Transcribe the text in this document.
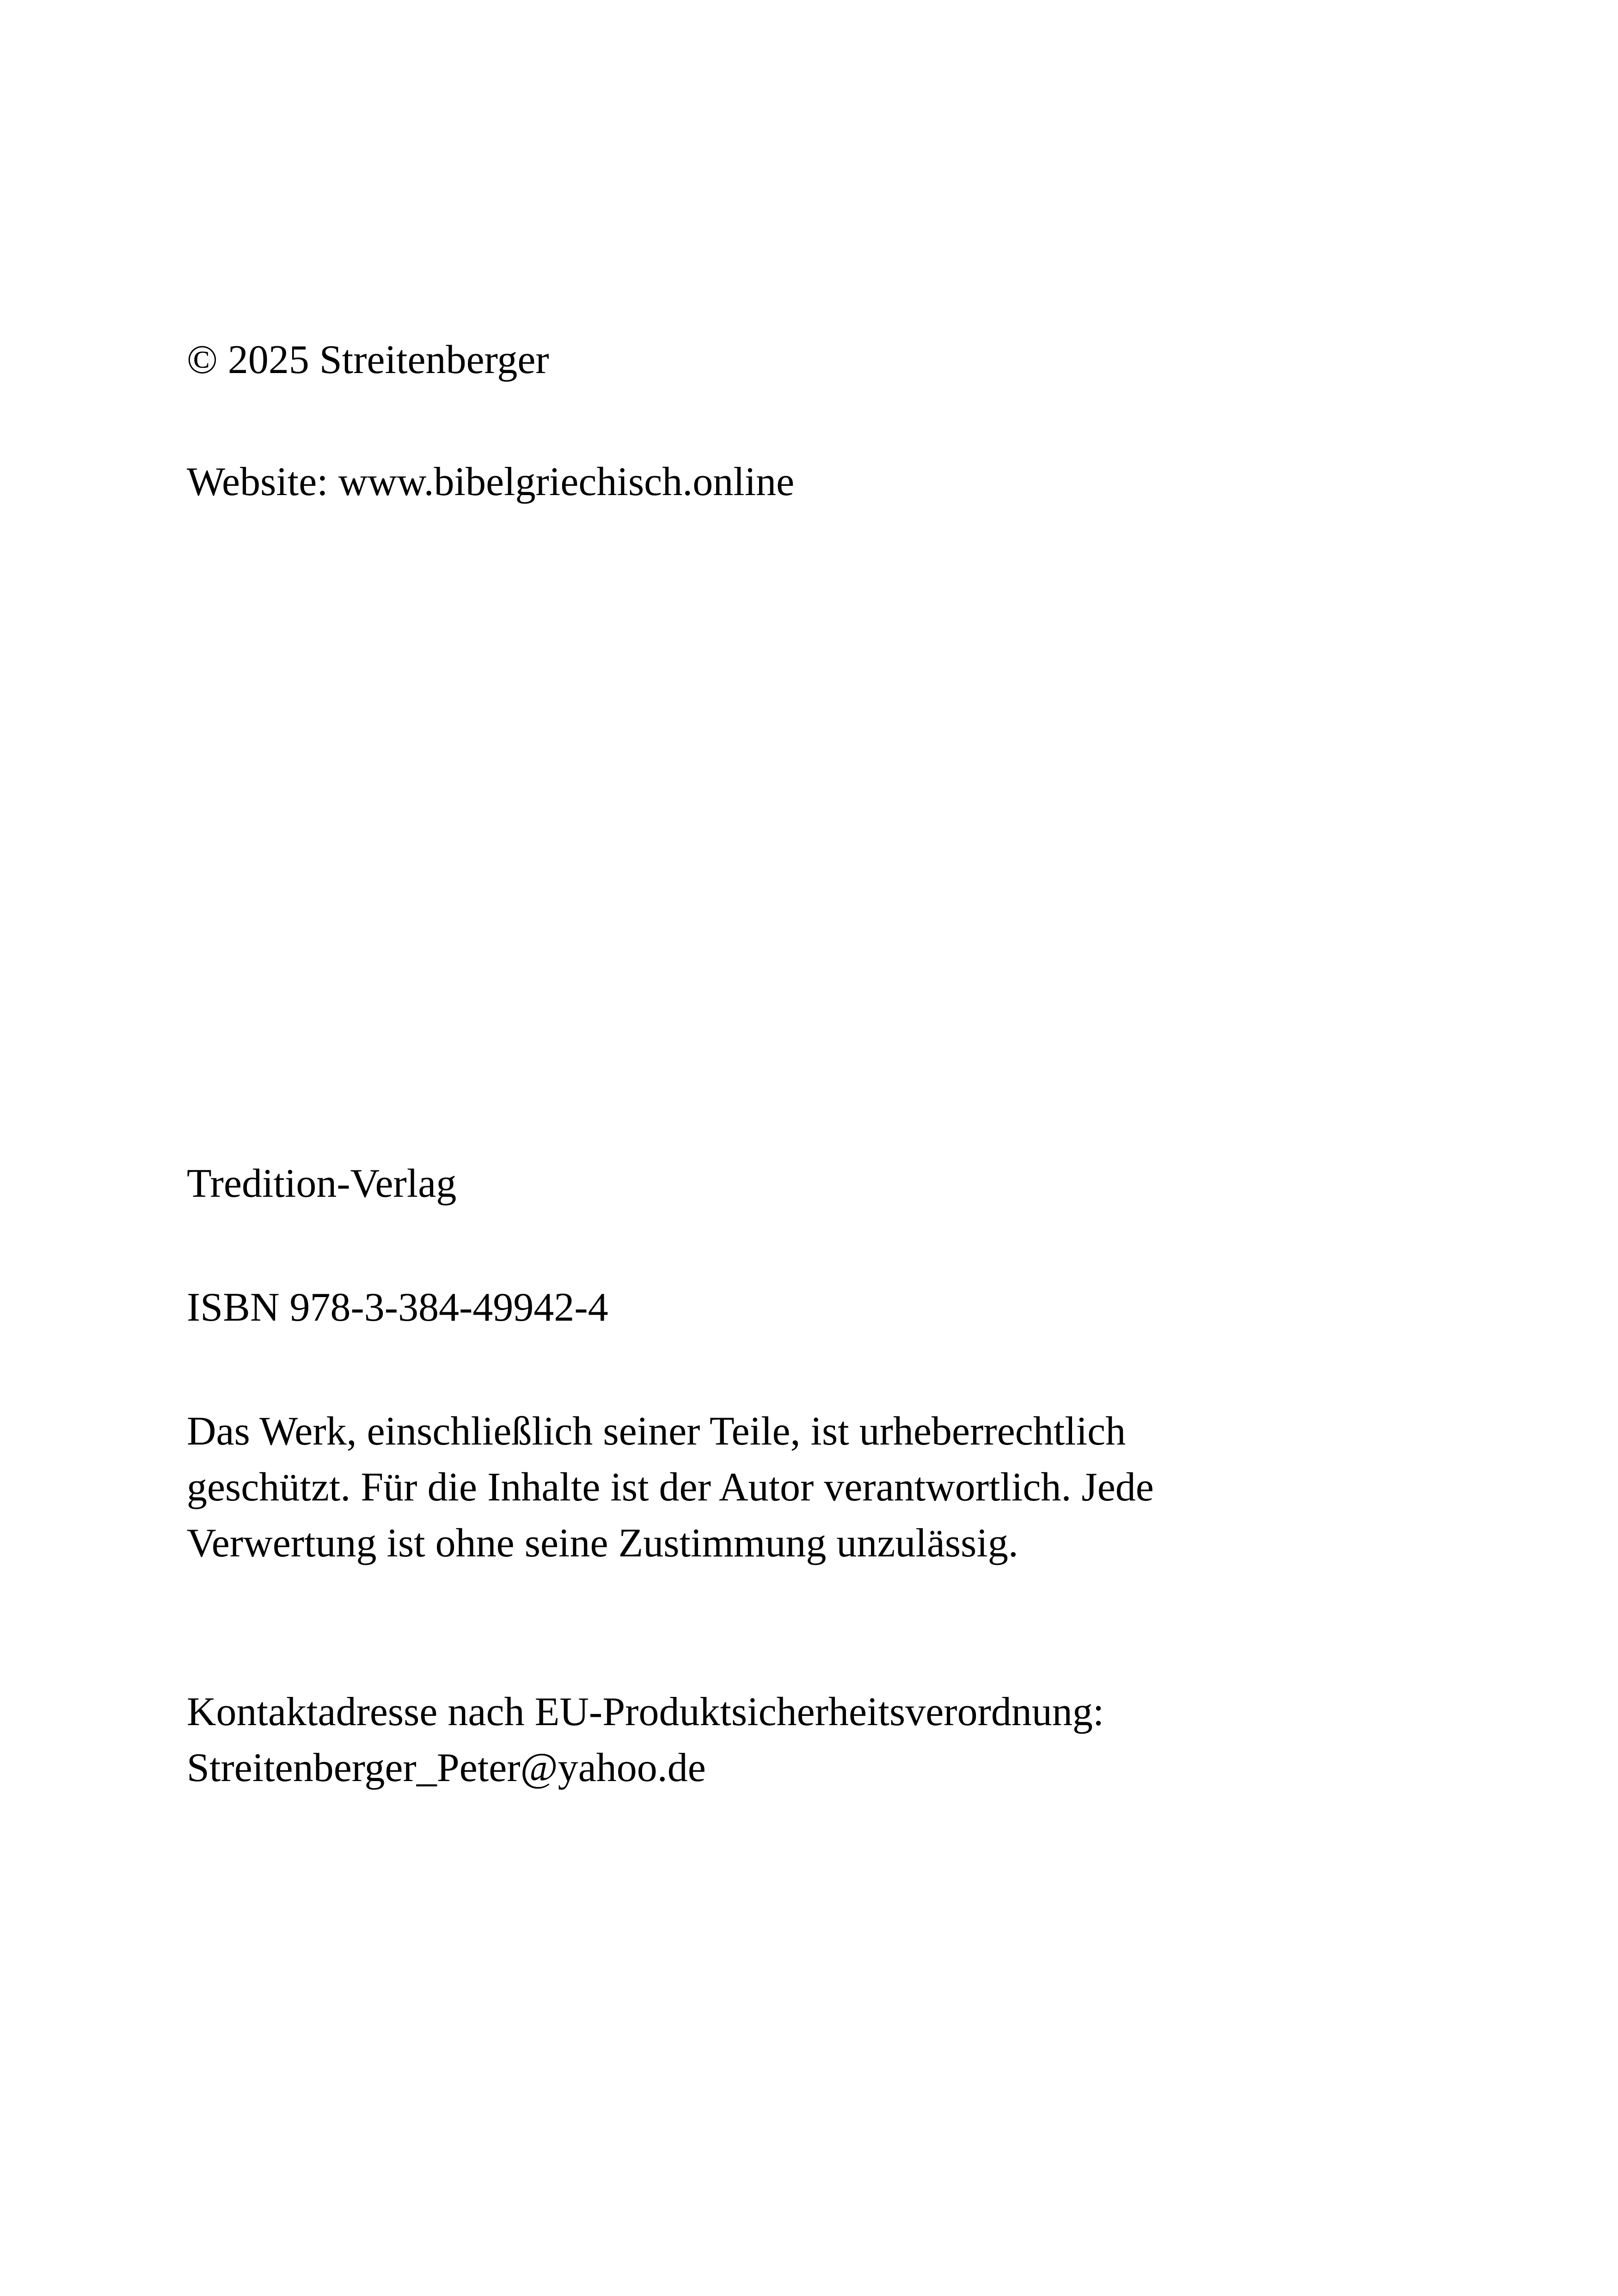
© 2025 Streitenberger

Website: www.bibelgriechisch.online

Tredition-Verlag

ISBN 978-3-384-49942-4

Das Werk, einschließlich seiner Teile, ist urheberrechtlich
geschützt. Für die Inhalte ist der Autor verantwortlich. Jede
Verwertung ist ohne seine Zustimmung unzulässig.
Kontaktadresse nach EU-Produktsicherheitsverordnung:
Streitenberger_Peter@yahoo.de
